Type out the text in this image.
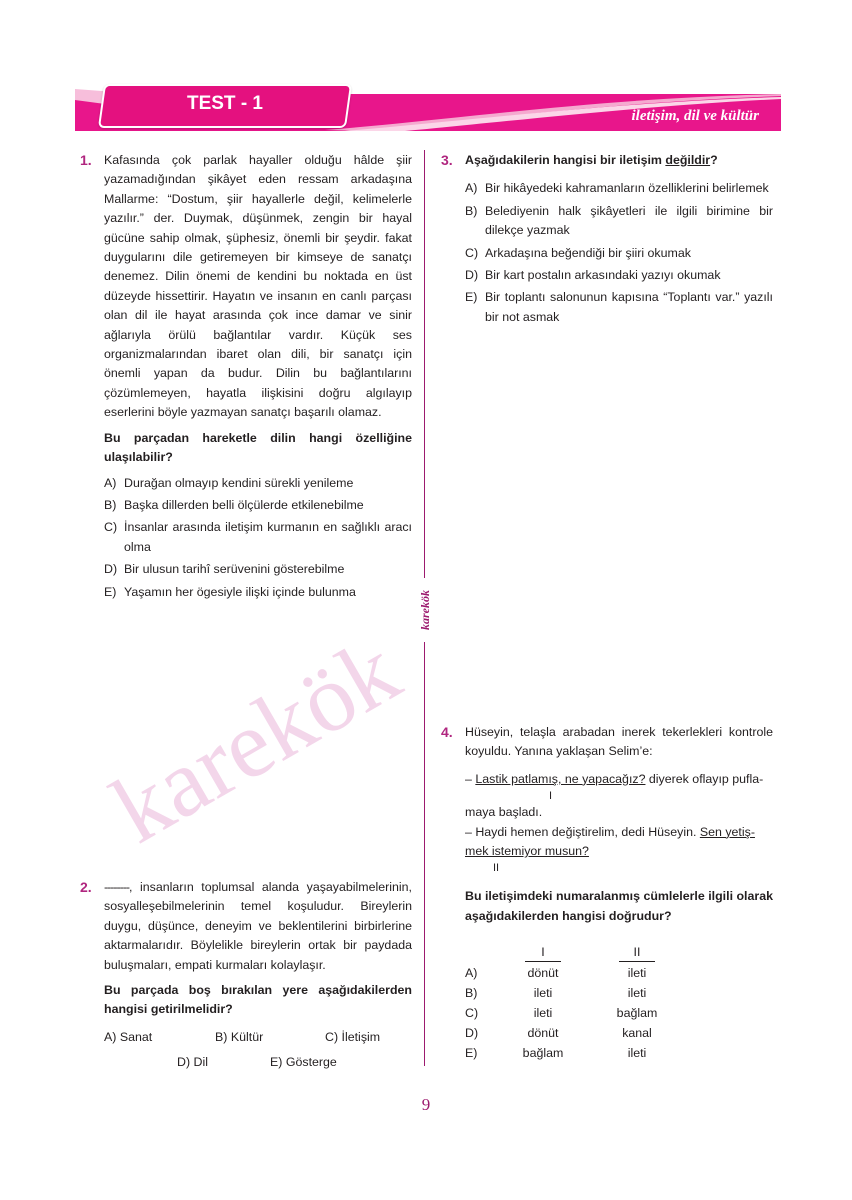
karekök
TEST - 1
iletişim, dil ve kültür
karekök
1. Kafasında çok parlak hayaller olduğu hâlde şiir yazamadığından şikâyet eden ressam arkadaşına Mallarme: “Dostum, şiir hayallerle değil, kelimelerle yazılır.” der. Duymak, düşünmek, zengin bir hayal gücüne sahip olmak, şüphesiz, önemli bir şeydir. fakat duygularını dile getiremeyen bir kimseye de sanatçı denemez. Dilin önemi de kendini bu noktada en üst düzeyde hissettirir. Hayatın ve insanın en canlı parçası olan dil ile hayat arasında çok ince damar ve sinir ağlarıyla örülü bağlantılar vardır. Küçük ses organizmalarından ibaret olan dili, bir sanatçı için önemli yapan da budur. Dilin bu bağlantılarını çözümlemeyen, hayatla ilişkisini doğru algılayıp eserlerini böyle yazmayan sanatçı başarılı olamaz.

Bu parçadan hareketle dilin hangi özelliğine ulaşılabilir?

A) Durağan olmayıp kendini sürekli yenileme
B) Başka dillerden belli ölçülerde etkilenebilme
C) İnsanlar arasında iletişim kurmanın en sağlıklı aracı olma
D) Bir ulusun tarihî serüvenini gösterebilme
E) Yaşamın her ögesiyle ilişki içinde bulunma
2. --------, insanların toplumsal alanda yaşayabilmelerinin, sosyalleşebilmelerinin temel koşuludur. Bireylerin duygu, düşünce, deneyim ve beklentilerini birbirlerine aktarmalarıdır. Böylelikle bireylerin ortak bir paydada buluşmaları, empati kurmaları kolaylaşır.

Bu parçada boş bırakılan yere aşağıdakilerden hangisi getirilmelidir?

A) Sanat	B) Kültür	C) İletişim
D) Dil	E) Gösterge
3. Aşağıdakilerin hangisi bir iletişim değildir?

A) Bir hikâyedeki kahramanların özelliklerini belirlemek
B) Belediyenin halk şikâyetleri ile ilgili birimine bir dilekçe yazmak
C) Arkadaşına beğendiği bir şiiri okumak
D) Bir kart postalın arkasındaki yazıyı okumak
E) Bir toplantı salonunun kapısına “Toplantı var.” yazılı bir not asmak
4. Hüseyin, telaşla arabadan inerek tekerlekleri kontrole koyuldu. Yanına yaklaşan Selim’e:

– Lastik patlamış, ne yapacağız? diyerek oflayıp pufla-
I
maya başladı.
– Haydi hemen değiştirelim, dedi Hüseyin. Sen yetiş-
mek istemiyor musun?
II

Bu iletişimdeki numaralanmış cümlelerle ilgili olarak aşağıdakilerden hangisi doğrudur?

	I		II
A)	dönüt		ileti
B)	ileti		ileti
C)	ileti		bağlam
D)	dönüt		kanal
E)	bağlam		ileti
9
